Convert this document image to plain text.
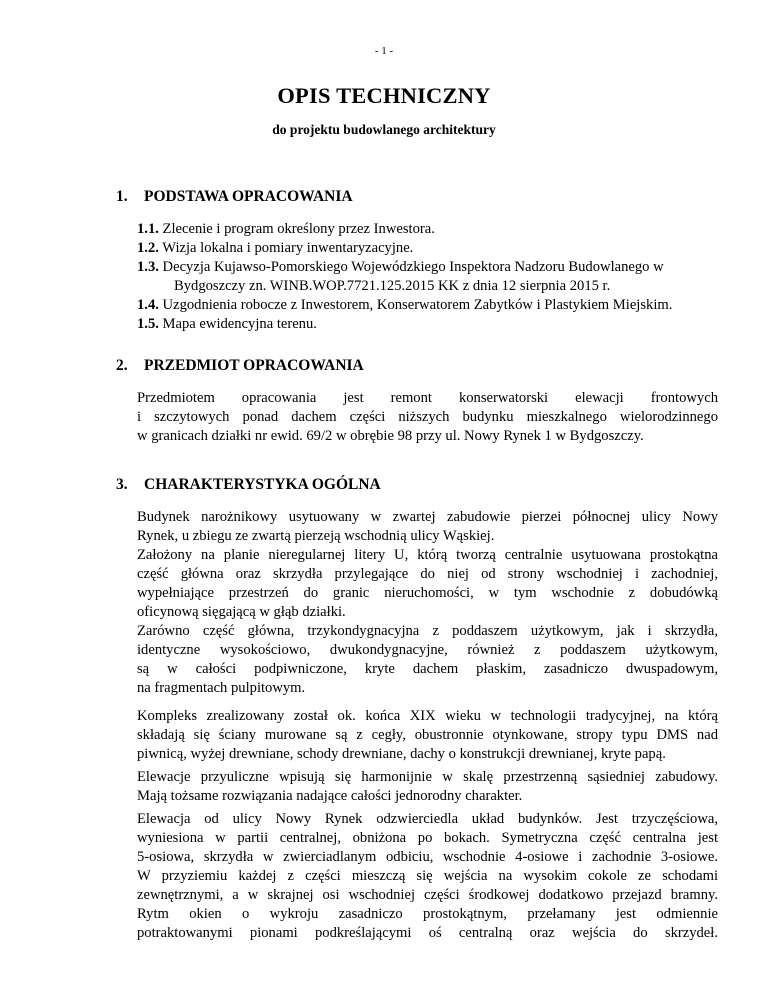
- 1 -
OPIS TECHNICZNY
do projektu budowlanego architektury
1. PODSTAWA OPRACOWANIA
1.1. Zlecenie i program określony przez Inwestora.
1.2. Wizja lokalna i pomiary inwentaryzacyjne.
1.3. Decyzja Kujawso-Pomorskiego Wojewódzkiego Inspektora Nadzoru Budowlanego w Bydgoszczy zn. WINB.WOP.7721.125.2015 KK z dnia 12 sierpnia 2015 r.
1.4. Uzgodnienia robocze z Inwestorem, Konserwatorem Zabytków i Plastykiem Miejskim.
1.5. Mapa ewidencyjna terenu.
2. PRZEDMIOT OPRACOWANIA
Przedmiotem opracowania jest remont konserwatorski elewacji frontowych
i szczytowych ponad dachem części niższych budynku mieszkalnego wielorodzinnego
w granicach działki nr ewid. 69/2 w obrębie 98 przy ul. Nowy Rynek 1 w Bydgoszczy.
3. CHARAKTERYSTYKA OGÓLNA
Budynek narożnikowy usytuowany w zwartej zabudowie pierzei północnej ulicy Nowy
Rynek, u zbiegu ze zwartą pierzeją wschodnią ulicy Wąskiej.
Założony na planie nieregularnej litery U, którą tworzą centralnie usytuowana prostokątna
część główna oraz skrzydła przylegające do niej od strony wschodniej i zachodniej,
wypełniające przestrzeń do granic nieruchomości, w tym wschodnie z dobudówką
oficynową sięgającą w głąb działki.
Zarówno część główna, trzykondygnacyjna z poddaszem użytkowym, jak i skrzydła,
identyczne wysokościowo, dwukondygnacyjne, również z poddaszem użytkowym,
są w całości podpiwniczone, kryte dachem płaskim, zasadniczo dwuspadowym,
na fragmentach pulpitowym.
Kompleks zrealizowany został ok. końca XIX wieku w technologii tradycyjnej, na którą
składają się ściany murowane są z cegły, obustronnie otynkowane, stropy typu DMS nad
piwnicą, wyżej drewniane, schody drewniane, dachy o konstrukcji drewnianej, kryte papą.
Elewacje przyuliczne wpisują się harmonijnie w skalę przestrzenną sąsiedniej zabudowy.
Mają tożsame rozwiązania nadające całości jednorodny charakter.
Elewacja od ulicy Nowy Rynek odzwierciedla układ budynków. Jest trzyczęściowa,
wyniesiona w partii centralnej, obniżona po bokach. Symetryczna część centralna jest
5-osiowa, skrzydła w zwierciadlanym odbiciu, wschodnie 4-osiowe i zachodnie 3-osiowe.
W przyziemiu każdej z części mieszczą się wejścia na wysokim cokole ze schodami
zewnętrznymi, a w skrajnej osi wschodniej części środkowej dodatkowo przejazd bramny.
Rytm okien o wykroju zasadniczo prostokątnym, przełamany jest odmiennie
potraktowanymi pionami podkreślającymi oś centralną oraz wejścia do skrzydeł.
